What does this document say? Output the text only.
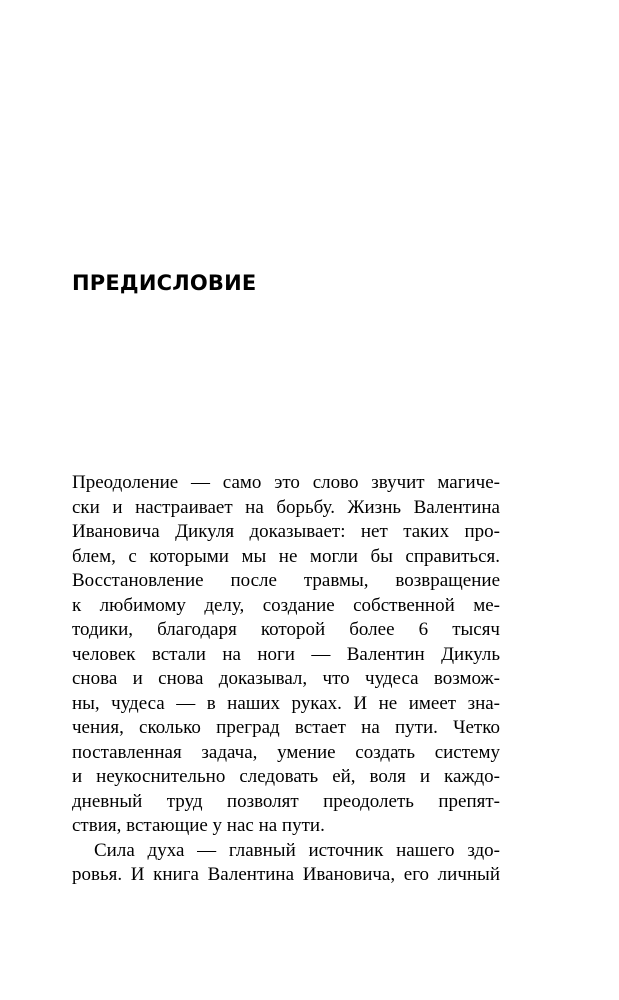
ПРЕДИСЛОВИЕ
Преодоление — само это слово звучит магиче-
ски и настраивает на борьбу. Жизнь Валентина
Ивановича Дикуля доказывает: нет таких про-
блем, с которыми мы не могли бы справиться.
Восстановление после травмы, возвращение
к любимому делу, создание собственной ме-
тодики, благодаря которой более 6 тысяч
человек встали на ноги — Валентин Дикуль
снова и снова доказывал, что чудеса возмож-
ны, чудеса — в наших руках. И не имеет зна-
чения, сколько преград встает на пути. Четко
поставленная задача, умение создать систему
и неукоснительно следовать ей, воля и каждо-
дневный труд позволят преодолеть препят-
ствия, встающие у нас на пути.
Сила духа — главный источник нашего здо-
ровья. И книга Валентина Ивановича, его личный
